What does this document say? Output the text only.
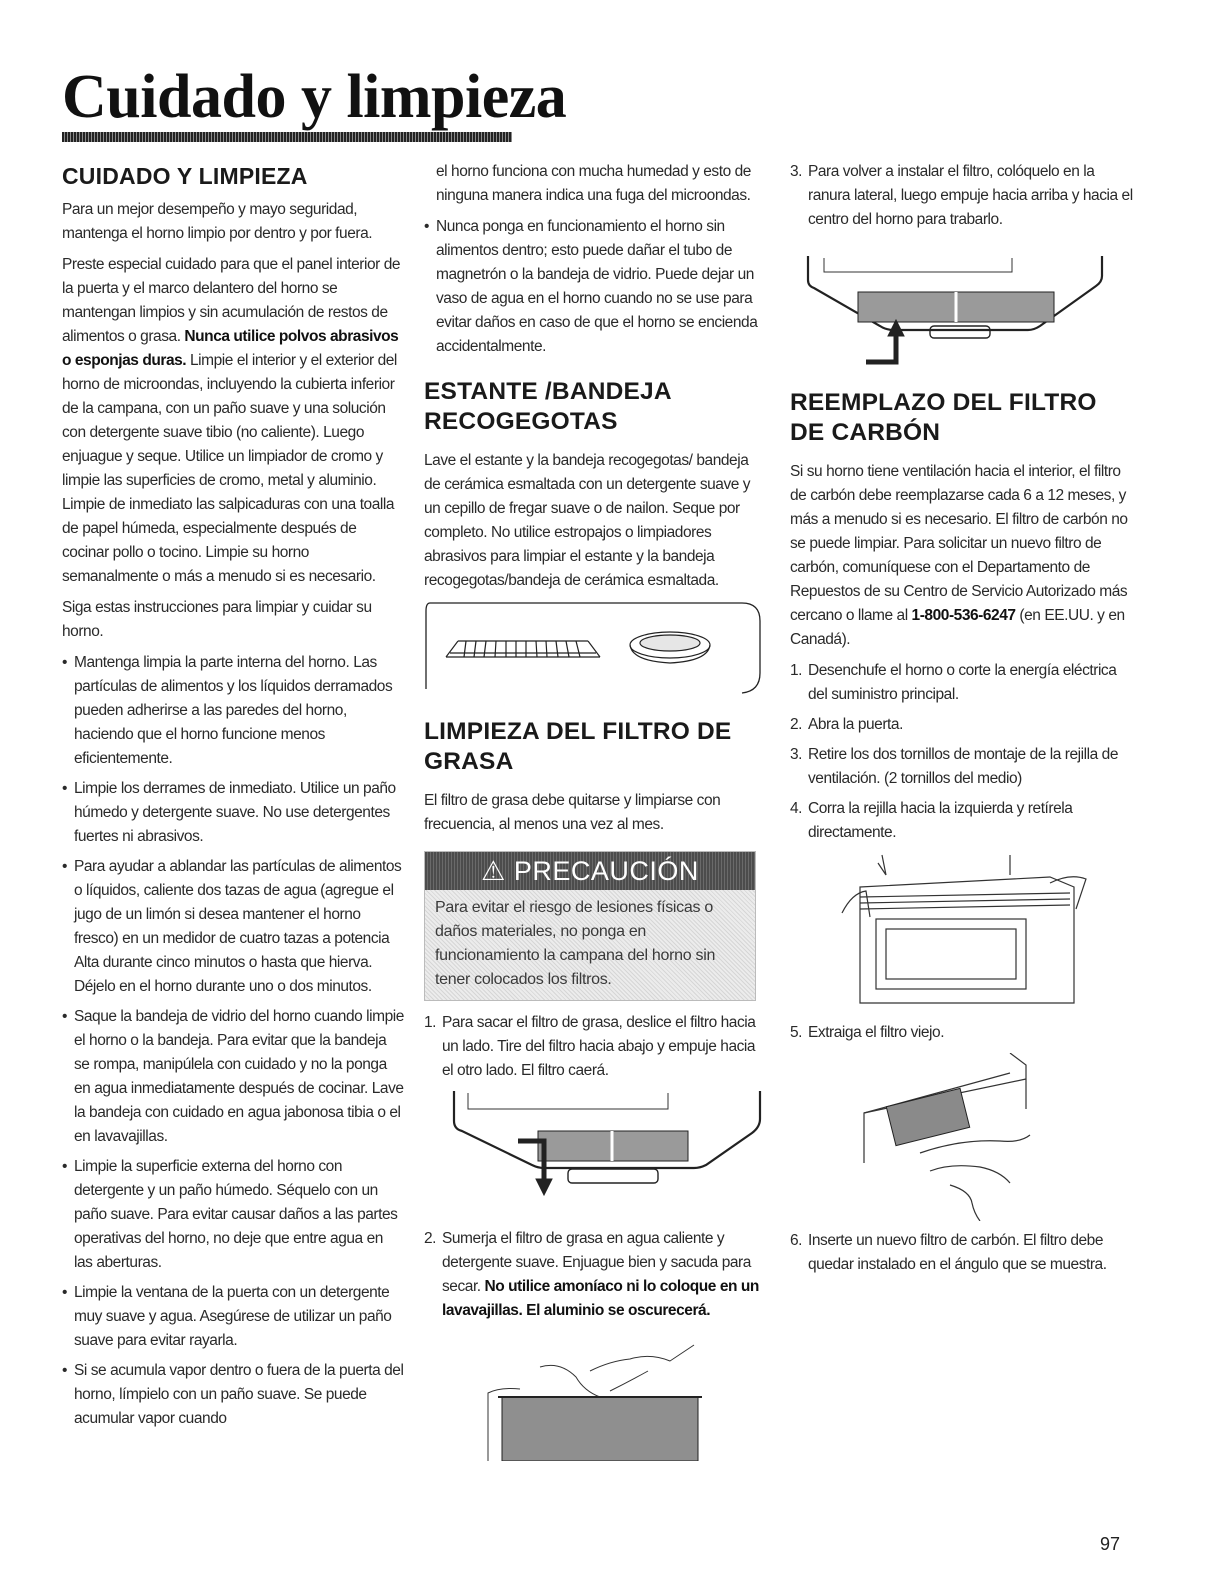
Cuidado y limpieza
CUIDADO Y LIMPIEZA

Para un mejor desempeño y mayo seguridad, mantenga el horno limpio por dentro y por fuera.

Preste especial cuidado para que el panel interior de la puerta y el marco delantero del horno se mantengan limpios y sin acumulación de restos de alimentos o grasa. Nunca utilice polvos abrasivos o esponjas duras. Limpie el interior y el exterior del horno de microondas, incluyendo la cubierta inferior de la campana, con un paño suave y una solución con detergente suave tibio (no caliente). Luego enjuague y seque. Utilice un limpiador de cromo y limpie las superficies de cromo, metal y aluminio. Limpie de inmediato las salpicaduras con una toalla de papel húmeda, especialmente después de cocinar pollo o tocino. Limpie su horno semanalmente o más a menudo si es necesario.

Siga estas instrucciones para limpiar y cuidar su horno.

• Mantenga limpia la parte interna del horno. Las partículas de alimentos y los líquidos derramados pueden adherirse a las paredes del horno, haciendo que el horno funcione menos eficientemente.
• Limpie los derrames de inmediato. Utilice un paño húmedo y detergente suave. No use detergentes fuertes ni abrasivos.
• Para ayudar a ablandar las partículas de alimentos o líquidos, caliente dos tazas de agua (agregue el jugo de un limón si desea mantener el horno fresco) en un medidor de cuatro tazas a potencia Alta durante cinco minutos o hasta que hierva. Déjelo en el horno durante uno o dos minutos.
• Saque la bandeja de vidrio del horno cuando limpie el horno o la bandeja. Para evitar que la bandeja se rompa, manipúlela con cuidado y no la ponga en agua inmediatamente después de cocinar. Lave la bandeja con cuidado en agua jabonosa tibia o el en lavavajillas.
• Limpie la superficie externa del horno con detergente y un paño húmedo. Séquelo con un paño suave. Para evitar causar daños a las partes operativas del horno, no deje que entre agua en las aberturas.
• Limpie la ventana de la puerta con un detergente muy suave y agua. Asegúrese de utilizar un paño suave para evitar rayarla.
• Si se acumula vapor dentro o fuera de la puerta del horno, límpielo con un paño suave. Se puede acumular vapor cuando

el horno funciona con mucha humedad y esto de ninguna manera indica una fuga del microondas.

• Nunca ponga en funcionamiento el horno sin alimentos dentro; esto puede dañar el tubo de magnetrón o la bandeja de vidrio. Puede dejar un vaso de agua en el horno cuando no se use para evitar daños en caso de que el horno se encienda accidentalmente.
ESTANTE /BANDEJA RECOGEGOTAS

Lave el estante y la bandeja recogegotas/ bandeja de cerámica esmaltada con un detergente suave y un cepillo de fregar suave o de nailon. Seque por completo. No utilice estropajos o limpiadores abrasivos para limpiar el estante y la bandeja recogegotas/bandeja de cerámica esmaltada.

LIMPIEZA DEL FILTRO DE GRASA

El filtro de grasa debe quitarse y limpiarse con frecuencia, al menos una vez al mes.

⚠ PRECAUCIÓN
Para evitar el riesgo de lesiones físicas o daños materiales, no ponga en funcionamiento la campana del horno sin tener colocados los filtros.
1. Para sacar el filtro de grasa, deslice el filtro hacia un lado. Tire del filtro hacia abajo y empuje hacia el otro lado. El filtro caerá.
2. Sumerja el filtro de grasa en agua caliente y detergente suave. Enjuague bien y sacuda para secar. No utilice amoníaco ni lo coloque en un lavavajillas. El aluminio se oscurecerá.
3. Para volver a instalar el filtro, colóquelo en la ranura lateral, luego empuje hacia arriba y hacia el centro del horno para trabarlo.
REEMPLAZO DEL FILTRO DE CARBÓN

Si su horno tiene ventilación hacia el interior, el filtro de carbón debe reemplazarse cada 6 a 12 meses, y más a menudo si es necesario. El filtro de carbón no se puede limpiar. Para solicitar un nuevo filtro de carbón, comuníquese con el Departamento de Repuestos de su Centro de Servicio Autorizado más cercano o llame al 1-800-536-6247 (en EE.UU. y en Canadá).

1. Desenchufe el horno o corte la energía eléctrica del suministro principal.
2. Abra la puerta.
3. Retire los dos tornillos de montaje de la rejilla de ventilación. (2 tornillos del medio)
4. Corra la rejilla hacia la izquierda y retírela directamente.
5. Extraiga el filtro viejo.
6. Inserte un nuevo filtro de carbón. El filtro debe quedar instalado en el ángulo que se muestra.
97
